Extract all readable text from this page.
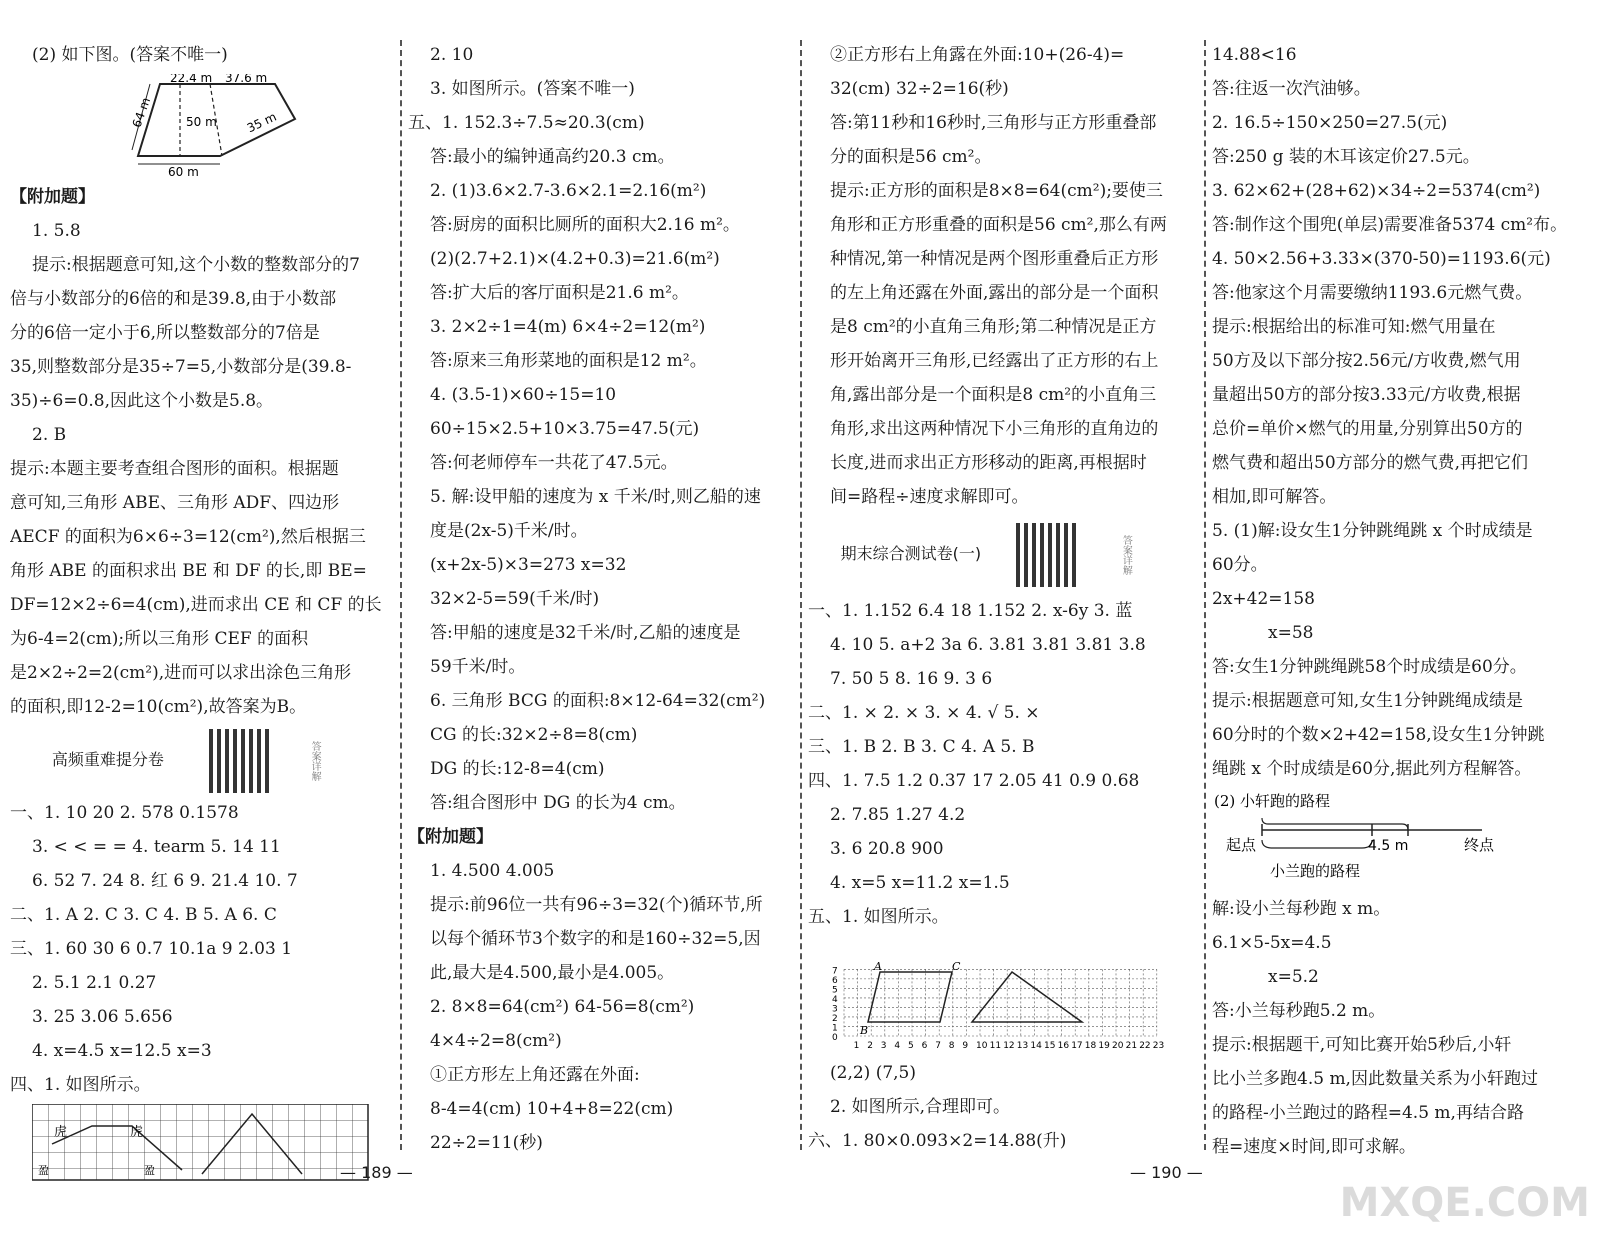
(2) 如下图。(答案不唯一)
22.4 m 37.6 m
64 m	50 m 35 m
60 m
【附加题】
1. 5.8
提示:根据题意可知,这个小数的整数部分的7
倍与小数部分的6倍的和是39.8,由于小数部
分的6倍一定小于6,所以整数部分的7倍是
35,则整数部分是35÷7=5,小数部分是(39.8-
35)÷6=0.8,因此这个小数是5.8。
2. B
提示:本题主要考查组合图形的面积。根据题
意可知,三角形 ABE、三角形 ADF、四边形
AECF 的面积为6×6÷3=12(cm²),然后根据三
角形 ABE 的面积求出 BE 和 DF 的长,即 BE=
DF=12×2÷6=4(cm),进而求出 CE 和 CF 的长
为6-4=2(cm);所以三角形 CEF 的面积
是2×2÷2=2(cm²),进而可以求出涂色三角形
的面积,即12-2=10(cm²),故答案为B。
高频重难提分卷	答案详解
一、1. 10 20 2. 578 0.1578
3. < < = = 4. tearm 5. 14 11
6. 52 7. 24 8. 红 6 9. 21.4 10. 7
二、1. A 2. C 3. C 4. B 5. A 6. C
三、1. 60 30 6 0.7 10.1a 9 2.03 1
2. 5.1 2.1 0.27
3. 25 3.06 5.656
4. x=4.5 x=12.5 x=3
四、1. 如图所示。
虎	虎
盈	盈
2. 10
3. 如图所示。(答案不唯一)
五、1. 152.3÷7.5≈20.3(cm)
答:最小的编钟通高约20.3 cm。
2. (1)3.6×2.7-3.6×2.1=2.16(m²)
答:厨房的面积比厕所的面积大2.16 m²。
(2)(2.7+2.1)×(4.2+0.3)=21.6(m²)
答:扩大后的客厅面积是21.6 m²。
3. 2×2÷1=4(m) 6×4÷2=12(m²)
答:原来三角形菜地的面积是12 m²。
4. (3.5-1)×60÷15=10
60÷15×2.5+10×3.75=47.5(元)
答:何老师停车一共花了47.5元。
5. 解:设甲船的速度为 x 千米/时,则乙船的速
度是(2x-5)千米/时。
(x+2x-5)×3=273 x=32
32×2-5=59(千米/时)
答:甲船的速度是32千米/时,乙船的速度是
59千米/时。
6. 三角形 BCG 的面积:8×12-64=32(cm²)
CG 的长:32×2÷8=8(cm)
DG 的长:12-8=4(cm)
答:组合图形中 DG 的长为4 cm。
【附加题】
1. 4.500 4.005
提示:前96位一共有96÷3=32(个)循环节,所
以每个循环节3个数字的和是160÷32=5,因
此,最大是4.500,最小是4.005。
2. 8×8=64(cm²) 64-56=8(cm²)
4×4÷2=8(cm²)
①正方形左上角还露在外面:
8-4=4(cm) 10+4+8=22(cm)
22÷2=11(秒)
②正方形右上角露在外面:10+(26-4)=
32(cm) 32÷2=16(秒)
答:第11秒和16秒时,三角形与正方形重叠部
分的面积是56 cm²。
提示:正方形的面积是8×8=64(cm²);要使三
角形和正方形重叠的面积是56 cm²,那么有两
种情况,第一种情况是两个图形重叠后正方形
的左上角还露在外面,露出的部分是一个面积
是8 cm²的小直角三角形;第二种情况是正方
形开始离开三角形,已经露出了正方形的右上
角,露出部分是一个面积是8 cm²的小直角三
角形,求出这两种情况下小三角形的直角边的
长度,进而求出正方形移动的距离,再根据时
间=路程÷速度求解即可。
期末综合测试卷(一)	答案详解
一、1. 1.152 6.4 18 1.152 2. x-6y 3. 蓝
4. 10 5. a+2 3a 6. 3.81 3.81 3.81 3.8
7. 50 5 8. 16 9. 3 6
二、1. × 2. × 3. × 4. √ 5. ×
三、1. B 2. B 3. C 4. A 5. B
四、1. 7.5 1.2 0.37 17 2.05 41 0.9 0.68
2. 7.85 1.27 4.2
3. 6 20.8 900
4. x=5 x=11.2 x=1.5
五、1. 如图所示。
7
6
5
4
3
2
1
0
1 2 3 4 5 6 7 8 9 10 11 12 13 14 15 16 17 18 19 20 21 22 23
A
B
C
(2,2) (7,5)
2. 如图所示,合理即可。
六、1. 80×0.093×2=14.88(升)
14.88<16
答:往返一次汽油够。
2. 16.5÷150×250=27.5(元)
答:250 g 装的木耳该定价27.5元。
3. 62×62+(28+62)×34÷2=5374(cm²)
答:制作这个围兜(单层)需要准备5374 cm²布。
4. 50×2.56+3.33×(370-50)=1193.6(元)
答:他家这个月需要缴纳1193.6元燃气费。
提示:根据给出的标准可知:燃气用量在
50方及以下部分按2.56元/方收费,燃气用
量超出50方的部分按3.33元/方收费,根据
总价=单价×燃气的用量,分别算出50方的
燃气费和超出50方部分的燃气费,再把它们
相加,即可解答。
5. (1)解:设女生1分钟跳绳跳 x 个时成绩是
60分。
2x+42=158
x=58
答:女生1分钟跳绳跳58个时成绩是60分。
提示:根据题意可知,女生1分钟跳绳成绩是
60分时的个数×2+42=158,设女生1分钟跳
绳跳 x 个时成绩是60分,据此列方程解答。
(2) 小轩跑的路程
起点	4.5 m	终点
小兰跑的路程
解:设小兰每秒跑 x m。
6.1×5-5x=4.5
x=5.2
答:小兰每秒跑5.2 m。
提示:根据题干,可知比赛开始5秒后,小轩
比小兰多跑4.5 m,因此数量关系为小轩跑过
的路程-小兰跑过的路程=4.5 m,再结合路
程=速度×时间,即可求解。
— 189 —	— 190 —
MXQE.COM
